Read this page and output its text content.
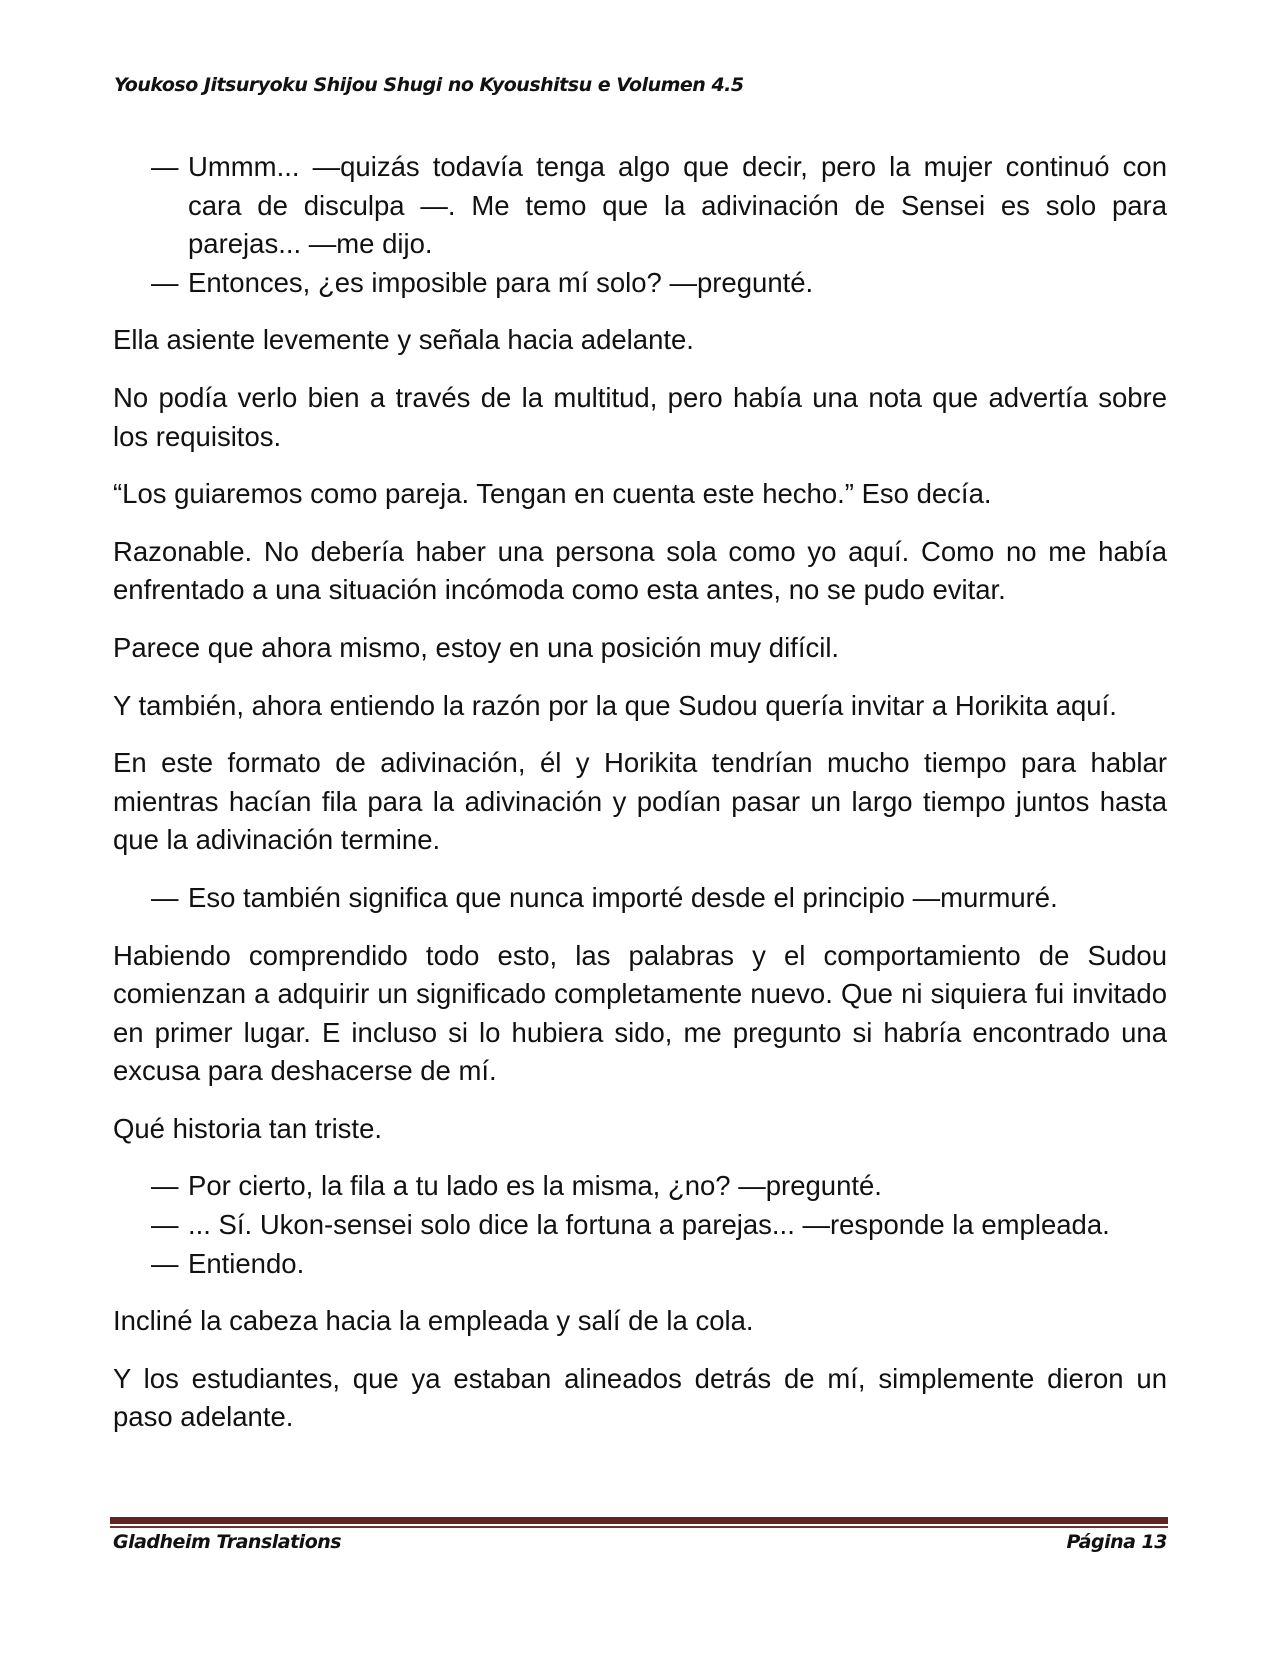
Youkoso Jitsuryoku Shijou Shugi no Kyoushitsu e Volumen 4.5

— Ummm... —quizás todavía tenga algo que decir, pero la mujer continuó con cara de disculpa —. Me temo que la adivinación de Sensei es solo para parejas... —me dijo.

— Entonces, ¿es imposible para mí solo? —pregunté.

Ella asiente levemente y señala hacia adelante.

No podía verlo bien a través de la multitud, pero había una nota que advertía sobre los requisitos.

“Los guiaremos como pareja. Tengan en cuenta este hecho.” Eso decía.

Razonable. No debería haber una persona sola como yo aquí. Como no me había enfrentado a una situación incómoda como esta antes, no se pudo evitar.

Parece que ahora mismo, estoy en una posición muy difícil.

Y también, ahora entiendo la razón por la que Sudou quería invitar a Horikita aquí.

En este formato de adivinación, él y Horikita tendrían mucho tiempo para hablar mientras hacían fila para la adivinación y podían pasar un largo tiempo juntos hasta que la adivinación termine.

— Eso también significa que nunca importé desde el principio —murmuré.

Habiendo comprendido todo esto, las palabras y el comportamiento de Sudou comienzan a adquirir un significado completamente nuevo. Que ni siquiera fui invitado en primer lugar. E incluso si lo hubiera sido, me pregunto si habría encontrado una excusa para deshacerse de mí.

Qué historia tan triste.

— Por cierto, la fila a tu lado es la misma, ¿no? —pregunté.

— ... Sí. Ukon-sensei solo dice la fortuna a parejas... —responde la empleada.

— Entiendo.

Incliné la cabeza hacia la empleada y salí de la cola.

Y los estudiantes, que ya estaban alineados detrás de mí, simplemente dieron un paso adelante.

Gladheim Translations	Página 13
